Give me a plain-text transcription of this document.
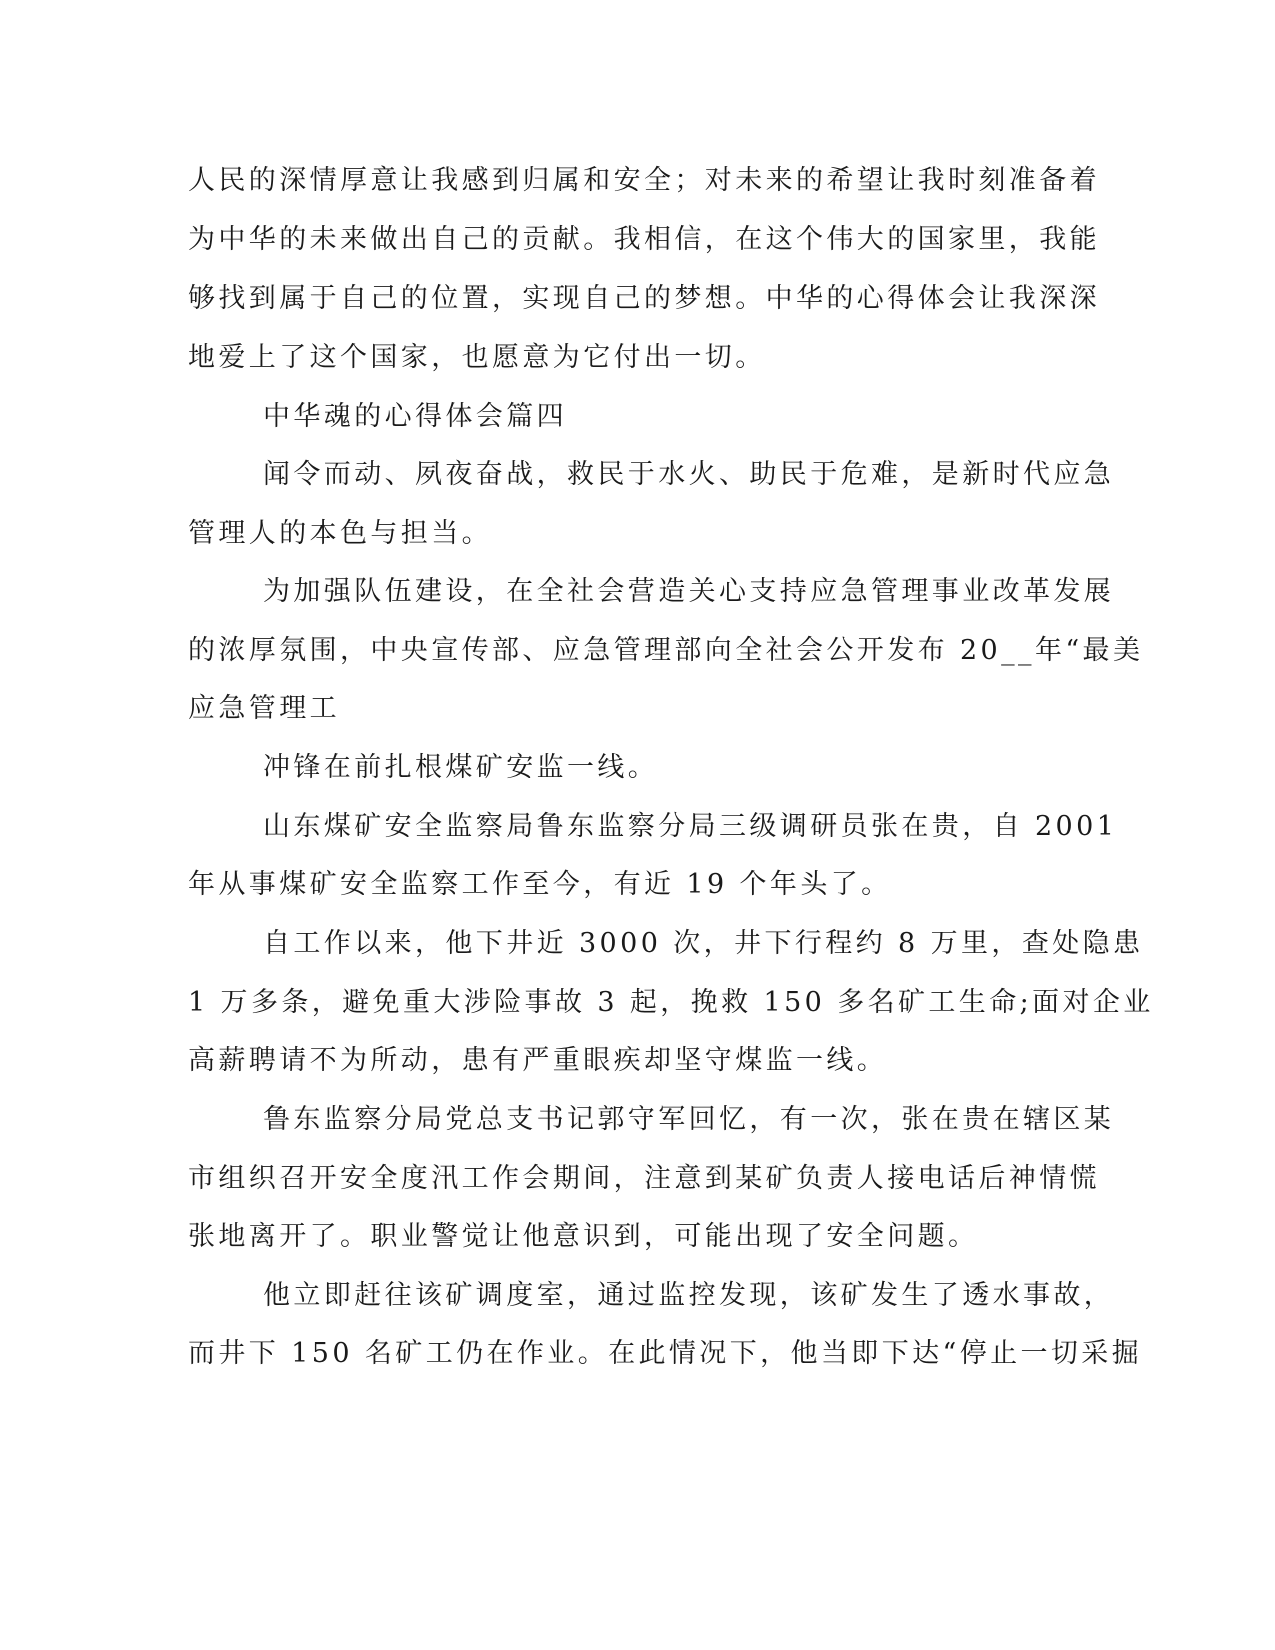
人民的深情厚意让我感到归属和安全；对未来的希望让我时刻准备着

为中华的未来做出自己的贡献。我相信，在这个伟大的国家里，我能

够找到属于自己的位置，实现自己的梦想。中华的心得体会让我深深

地爱上了这个国家，也愿意为它付出一切。

中华魂的心得体会篇四

闻令而动、夙夜奋战，救民于水火、助民于危难，是新时代应急

管理人的本色与担当。

为加强队伍建设，在全社会营造关心支持应急管理事业改革发展

的浓厚氛围，中央宣传部、应急管理部向全社会公开发布 20__年“最美

应急管理工

冲锋在前扎根煤矿安监一线。

山东煤矿安全监察局鲁东监察分局三级调研员张在贵，自 2001

年从事煤矿安全监察工作至今，有近 19 个年头了。

自工作以来，他下井近 3000 次，井下行程约 8 万里，查处隐患

1 万多条，避免重大涉险事故 3 起，挽救 150 多名矿工生命;面对企业

高薪聘请不为所动，患有严重眼疾却坚守煤监一线。

鲁东监察分局党总支书记郭守军回忆，有一次，张在贵在辖区某

市组织召开安全度汛工作会期间，注意到某矿负责人接电话后神情慌

张地离开了。职业警觉让他意识到，可能出现了安全问题。

他立即赶往该矿调度室，通过监控发现，该矿发生了透水事故，

而井下 150 名矿工仍在作业。在此情况下，他当即下达“停止一切采掘
